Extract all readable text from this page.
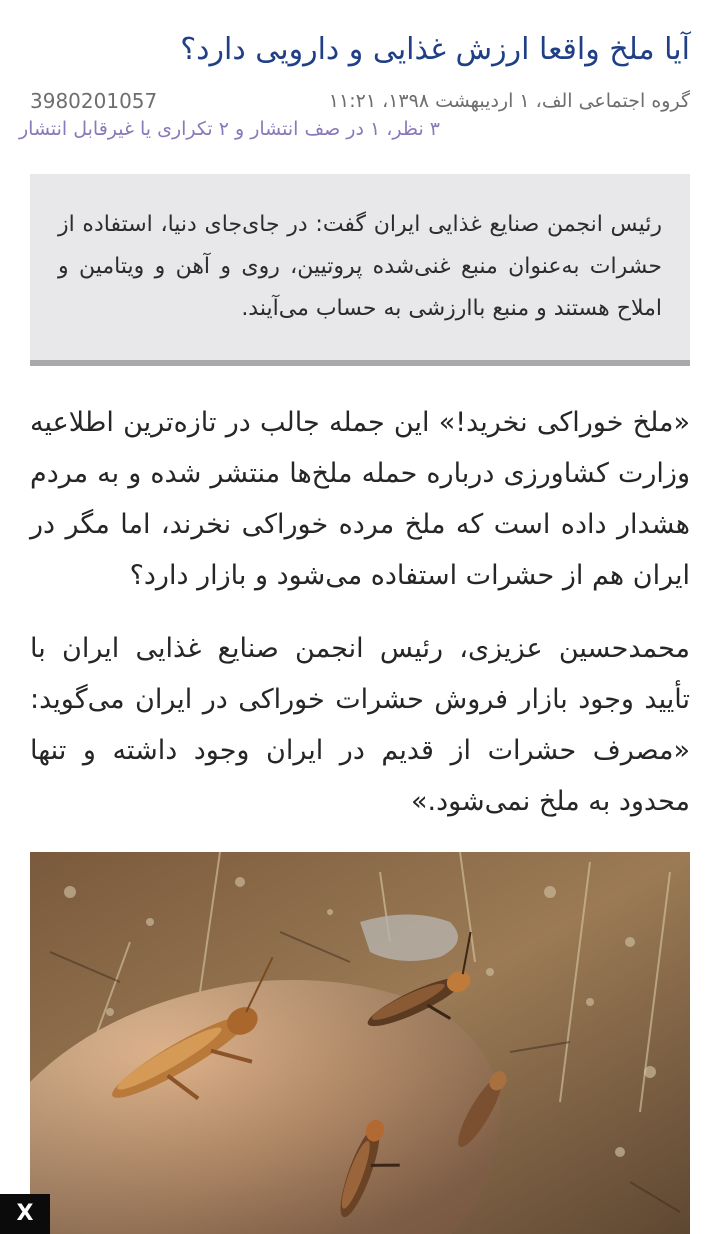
آیا ملخ واقعا ارزش غذایی و دارویی دارد؟
3980201057	گروه اجتماعی الف، ۱ اردیبهشت ۱۳۹۸، ۱۱:۲۱
۳ نظر، ۱ در صف انتشار و ۲ تکراری یا غیرقابل انتشار

رئیس انجمن صنایع غذایی ایران گفت: در جای‌جای دنیا، استفاده از حشرات به‌عنوان منبع غنی‌شده پروتیین، روی و آهن و ویتامین و املاح هستند و منبع باارزشی به حساب می‌آیند.

«ملخ خوراکی نخرید!» این جمله جالب در تازه‌ترین اطلاعیه وزارت کشاورزی درباره حمله ملخ‌ها منتشر شده و به مردم هشدار داده است که ملخ مرده خوراکی نخرند، اما مگر در ایران هم از حشرات استفاده می‌شود و بازار دارد؟

محمدحسین عزیزی، رئیس انجمن صنایع غذایی ایران با تأیید وجود بازار فروش حشرات خوراکی در ایران می‌گوید: «مصرف حشرات از قدیم در ایران وجود داشته و تنها محدود به ملخ نمی‌شود.»

X
